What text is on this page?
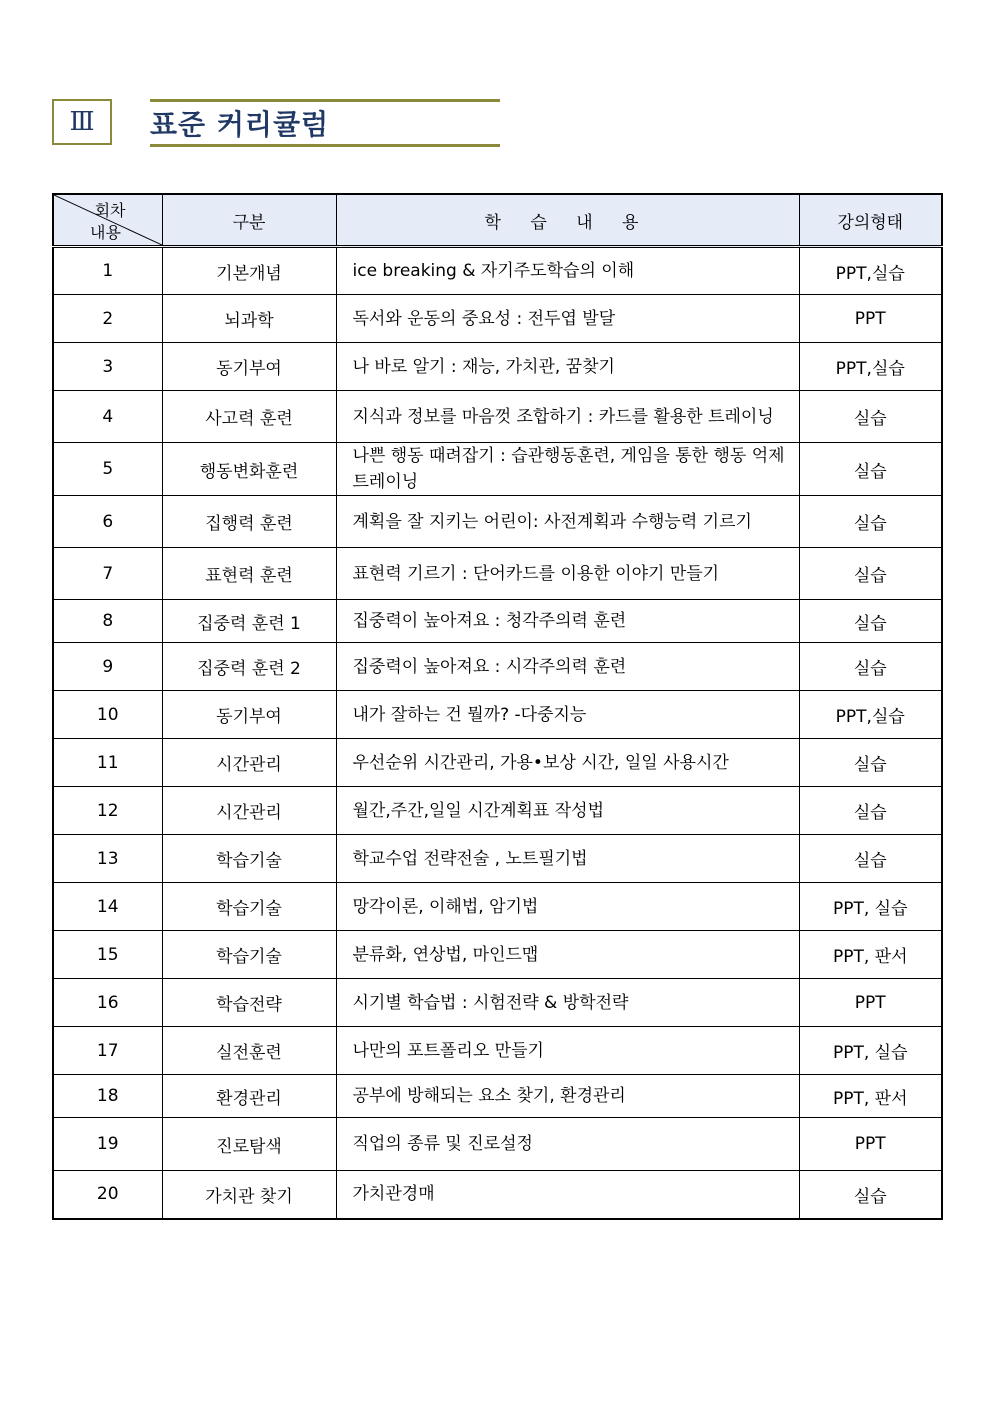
Ⅲ 표준 커리큘럼
회차
내용	구분	학 습 내 용	강의형태
1	기본개념	ice breaking & 자기주도학습의 이해	PPT,실습
2	뇌과학	독서와 운동의 중요성 : 전두엽 발달	PPT
3	동기부여	나 바로 알기 : 재능, 가치관, 꿈찾기	PPT,실습
4	사고력 훈련	지식과 정보를 마음껏 조합하기 : 카드를 활용한 트레이닝	실습
5	행동변화훈련	나쁜 행동 때려잡기 : 습관행동훈련, 게임을 통한 행동 억제 트레이닝	실습
6	집행력 훈련	계획을 잘 지키는 어린이: 사전계획과 수행능력 기르기	실습
7	표현력 훈련	표현력 기르기 : 단어카드를 이용한 이야기 만들기	실습
8	집중력 훈련 1	집중력이 높아져요 : 청각주의력 훈련	실습
9	집중력 훈련 2	집중력이 높아져요 : 시각주의력 훈련	실습
10	동기부여	내가 잘하는 건 뭘까? -다중지능	PPT,실습
11	시간관리	우선순위 시간관리, 가용•보상 시간, 일일 사용시간	실습
12	시간관리	월간,주간,일일 시간계획표 작성법	실습
13	학습기술	학교수업 전략전술 , 노트필기법	실습
14	학습기술	망각이론, 이해법, 암기법	PPT, 실습
15	학습기술	분류화, 연상법, 마인드맵	PPT, 판서
16	학습전략	시기별 학습법 : 시험전략 & 방학전략	PPT
17	실전훈련	나만의 포트폴리오 만들기	PPT, 실습
18	환경관리	공부에 방해되는 요소 찾기, 환경관리	PPT, 판서
19	진로탐색	직업의 종류 및 진로설정	PPT
20	가치관 찾기	가치관경매	실습
